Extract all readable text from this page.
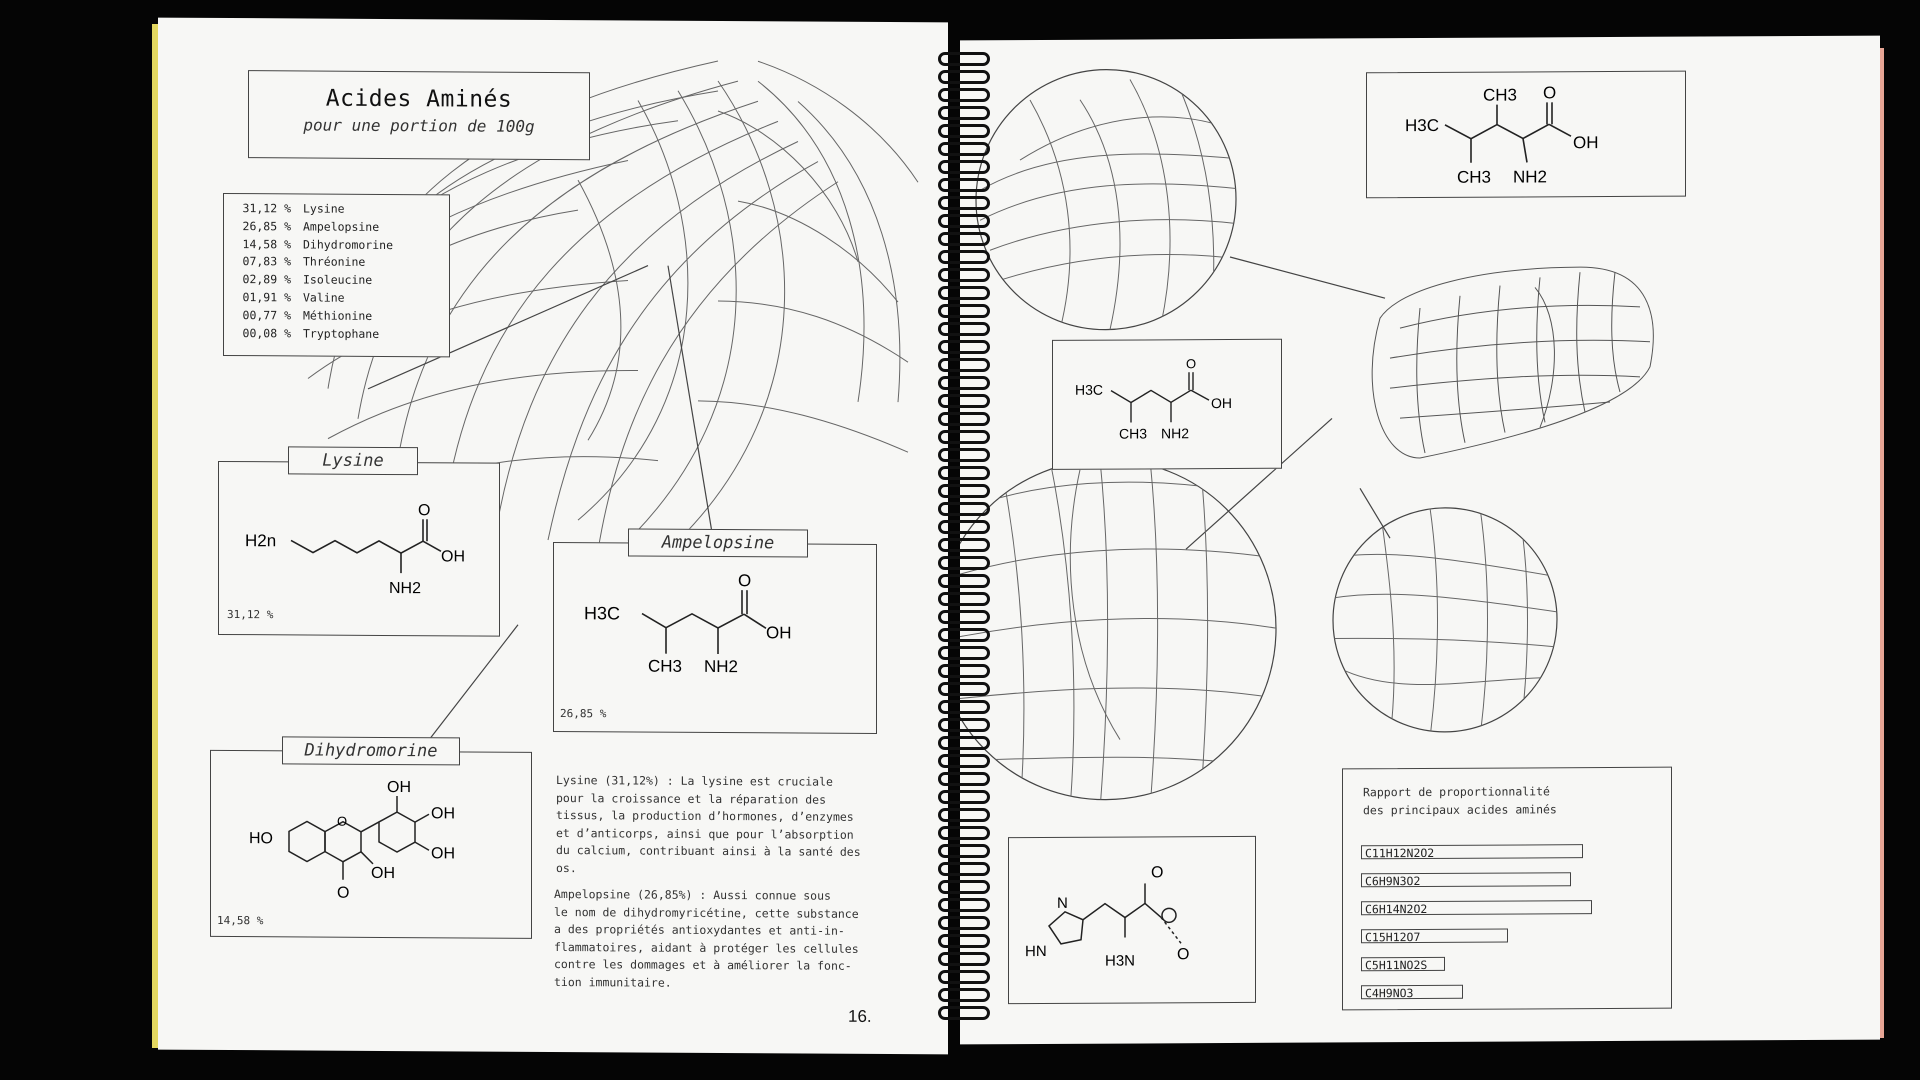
Acides Aminés
pour une portion de 100g
31,12 %	Lysine
26,85 %	Ampelopsine
14,58 %	Dihydromorine
07,83 %	Thréonine
02,89 %	Isoleucine
01,91 %	Valine
00,77 %	Méthionine
00,08 %	Tryptophane
H2n
O
OH
NH2
31,12 %
Lysine
H3C
O
OH
CH3 NH2
26,85 %
Ampelopsine
HO
OH
OH
OH
OH
O
O
14,58 %
Dihydromorine
Lysine (31,12%) : La lysine est cruciale
pour la croissance et la réparation des
tissus, la production d’hormones, d’enzymes
et d’anticorps, ainsi que pour l’absorption
du calcium, contribuant ainsi à la santé des
os.
Ampelopsine (26,85%) : Aussi connue sous
le nom de dihydromyricétine, cette substance
a des propriétés antioxydantes et anti-in-
flammatoires, aidant à protéger les cellules
contre les dommages et à améliorer la fonc-
tion immunitaire.
16.
H3C
CH3 O
OH
CH3 NH2
H3C
O
OH
CH3 NH2
N
HN
O
O
H3N
Rapport de proportionnalité
des principaux acides aminés
C11H12N2O2
C6H9N3O2
C6H14N2O2
C15H12O7
C5H11NO2S
C4H9NO3
